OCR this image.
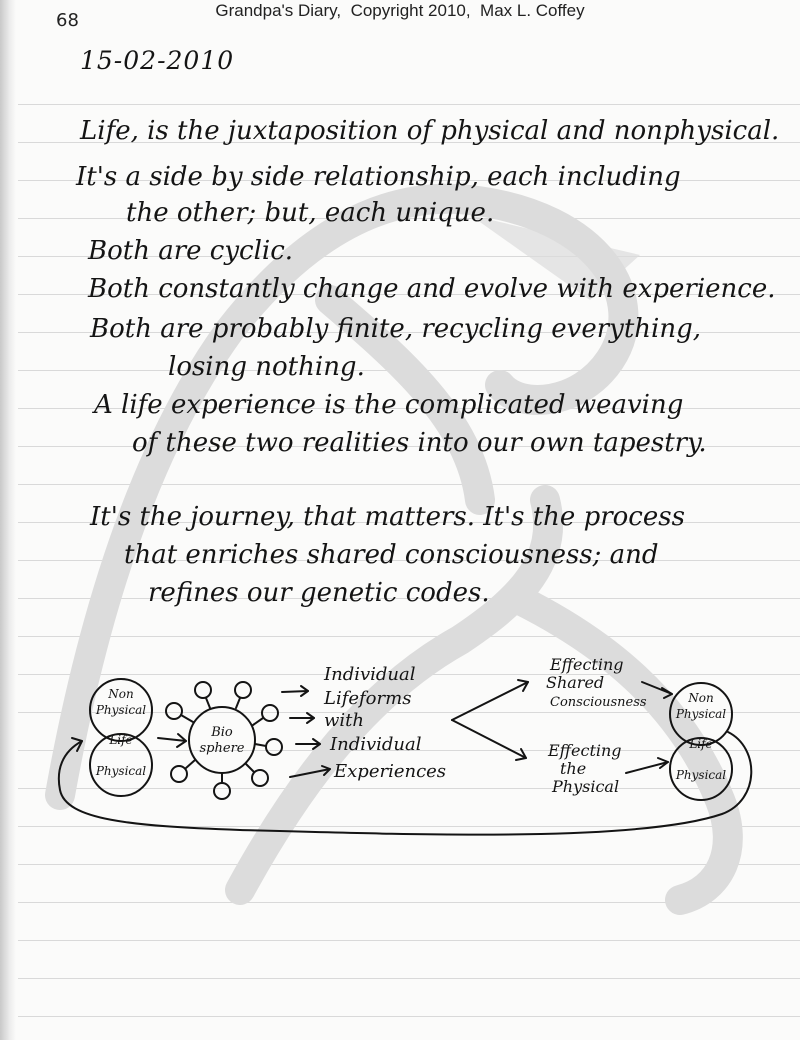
Grandpa's Diary,  Copyright 2010,  Max L. Coffey
68
15-02-2010
Life, is the juxtaposition of physical and nonphysical.
It's a side by side relationship, each including
the other; but, each unique.
Both are cyclic.
Both constantly change and evolve with experience.
Both are probably finite, recycling everything,
losing nothing.
A life experience is the complicated weaving
of these two realities into our own tapestry.
It's the journey, that matters. It's the process
that enriches shared consciousness; and
refines our genetic codes.
Non
Physical
Life
Physical
Non
Physical
Life
Physical
Bio
sphere
Individual
Lifeforms
with
Individual
Experiences
Effecting
Shared
Consciousness
Effecting
the
Physical
